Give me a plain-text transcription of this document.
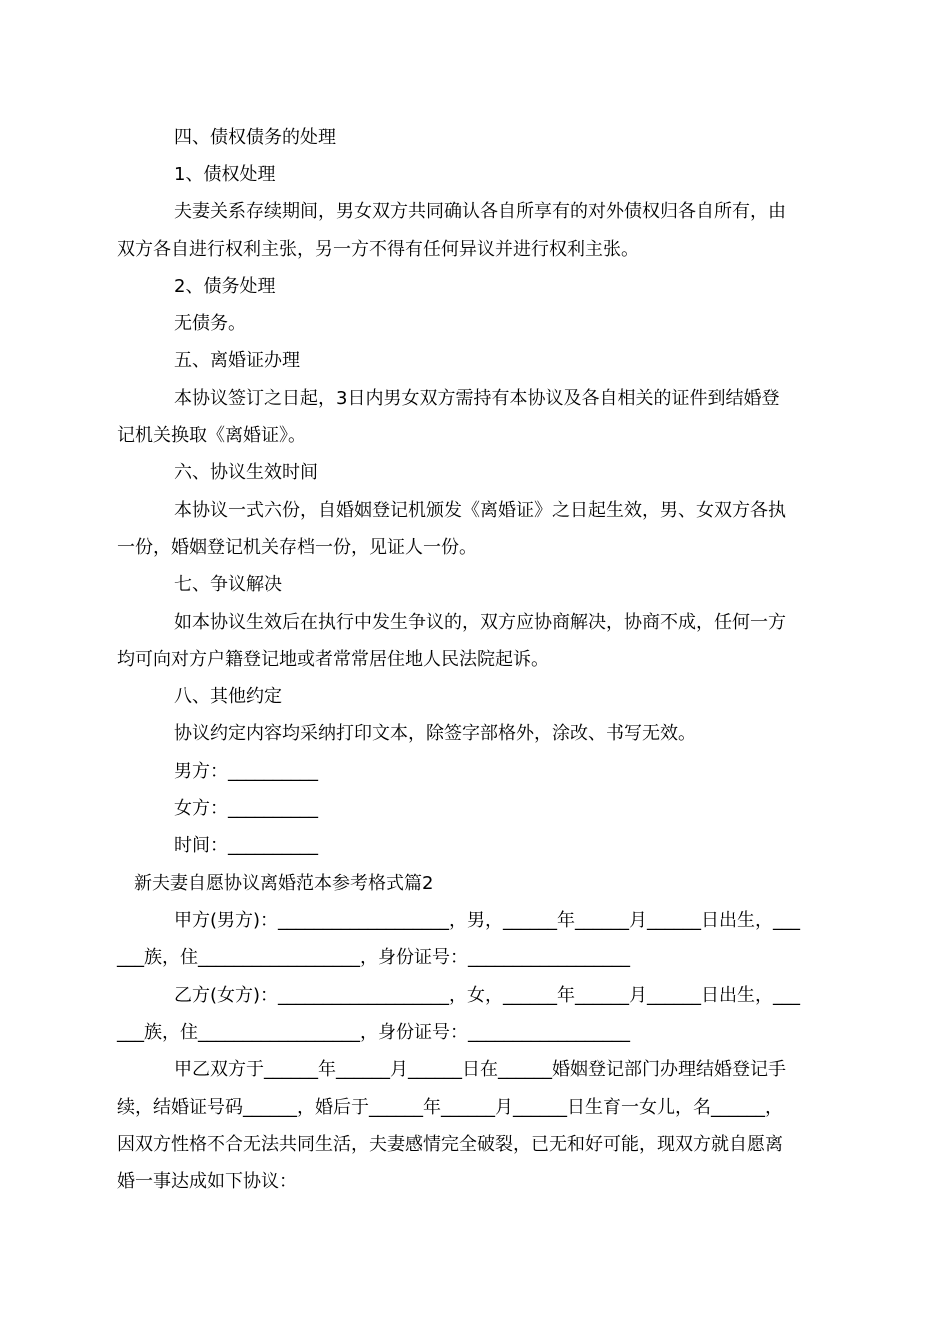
四、债权债务的处理
1、债权处理
夫妻关系存续期间，男女双方共同确认各自所享有的对外债权归各自所有，由
双方各自进行权利主张，另一方不得有任何异议并进行权利主张。
2、债务处理
无债务。
五、离婚证办理
本协议签订之日起，3日内男女双方需持有本协议及各自相关的证件到结婚登
记机关换取《离婚证》。
六、协议生效时间
本协议一式六份，自婚姻登记机颁发《离婚证》之日起生效，男、女双方各执
一份，婚姻登记机关存档一份，见证人一份。
七、争议解决
如本协议生效后在执行中发生争议的，双方应协商解决，协商不成，任何一方
均可向对方户籍登记地或者常常居住地人民法院起诉。
八、其他约定
协议约定内容均采纳打印文本，除签字部格外，涂改、书写无效。
男方：__________
女方：__________
时间：__________
新夫妻自愿协议离婚范本参考格式篇2
甲方(男方)：___________________，男，______年______月______日出生，___
___族，住__________________，身份证号：__________________
乙方(女方)：___________________，女，______年______月______日出生，___
___族，住__________________，身份证号：__________________
甲乙双方于______年______月______日在______婚姻登记部门办理结婚登记手
续，结婚证号码______，婚后于______年______月______日生育一女儿，名______，
因双方性格不合无法共同生活，夫妻感情完全破裂，已无和好可能，现双方就自愿离
婚一事达成如下协议：
